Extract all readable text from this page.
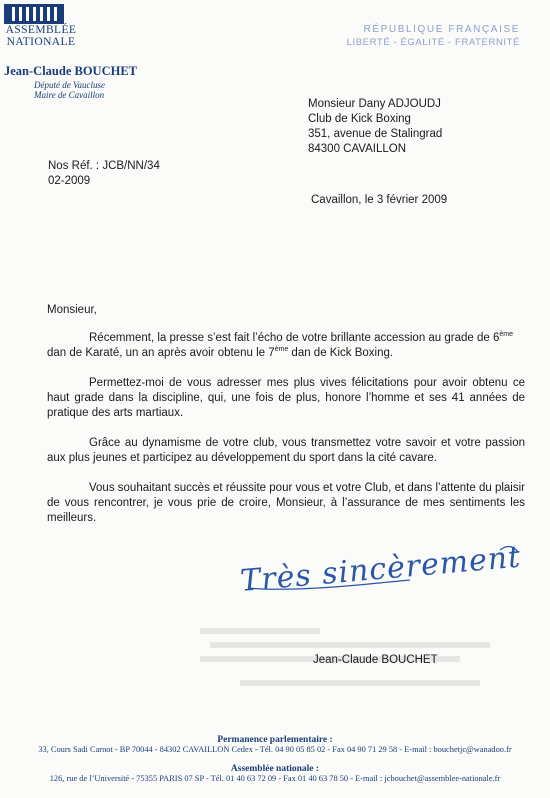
ASSEMBLÉE
NATIONALE
Jean-Claude BOUCHET
Député de Vaucluse
Maire de Cavaillon
RÉPUBLIQUE FRANÇAISE
LIBERTÉ - ÉGALITÉ - FRATERNITÉ
Monsieur Dany ADJOUDJ
Club de Kick Boxing
351, avenue de Stalingrad
84300 CAVAILLON
Nos Réf. : JCB/NN/34
02-2009
Cavaillon, le 3 février 2009
Monsieur,
Récemment, la presse s’est fait l’écho de votre brillante accession au grade de 6ème
dan de Karaté, un an après avoir obtenu le 7ème dan de Kick Boxing.
Permettez-moi de vous adresser mes plus vives félicitations pour avoir obtenu ce haut grade dans la discipline, qui, une fois de plus, honore l’homme et ses 41 années de pratique des arts martiaux.
Grâce au dynamisme de votre club, vous transmettez votre savoir et votre passion aux plus jeunes et participez au développement du sport dans la cité cavare.
Vous souhaitant succès et réussite pour vous et votre Club, et dans l’attente du plaisir de vous rencontrer, je vous prie de croire, Monsieur, à l’assurance de mes sentiments les meilleurs.
Très sincèrement
Jean-Claude BOUCHET
Permanence parlementaire :
33, Cours Sadi Carnot - BP 70044 - 84302 CAVAILLON Cedex - Tél. 04 90 05 85 02 - Fax 04 90 71 29 58 - E-mail : bouchetjc@wanadoo.fr
Assemblée nationale :
126, rue de l’Université - 75355 PARIS 07 SP - Tél. 01 40 63 72 09 - Fax 01 40 63 78 50 - E-mail : jcbouchet@assemblee-nationale.fr
